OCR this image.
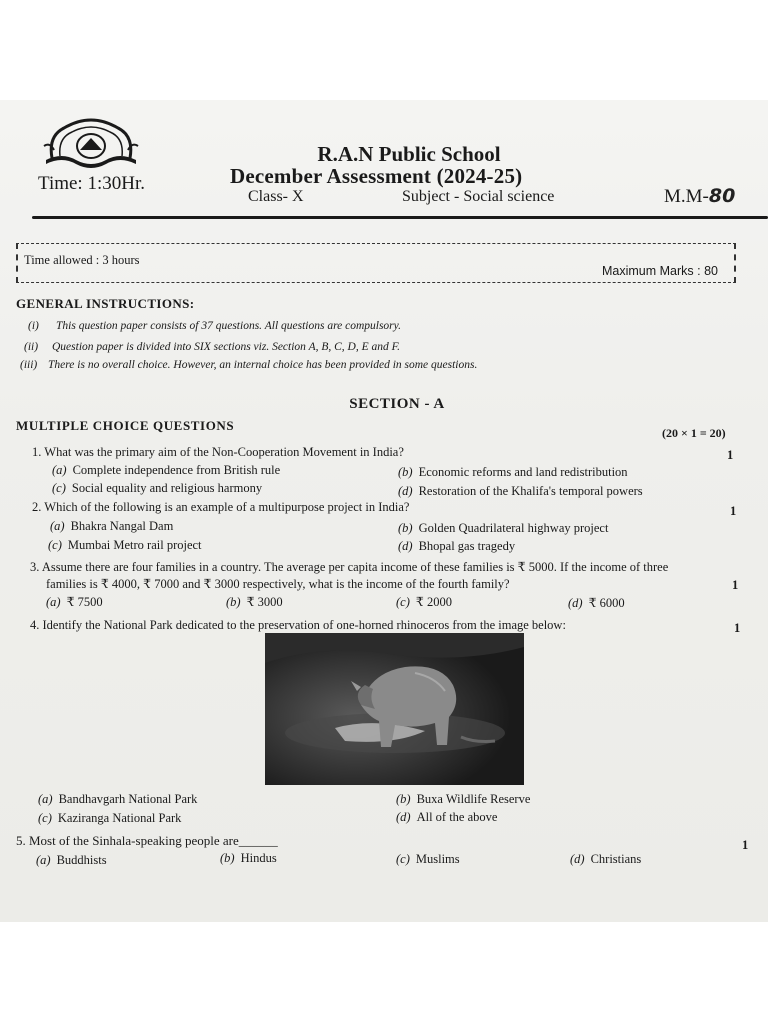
Time: 1:30Hr.
R.A.N Public School
December Assessment (2024-25)
Class- X	Subject - Social science	M.M-80
Time allowed : 3 hours
Maximum Marks : 80
GENERAL INSTRUCTIONS:
(i) This question paper consists of 37 questions. All questions are compulsory.
(ii) Question paper is divided into SIX sections viz. Section A, B, C, D, E and F.
(iii) There is no overall choice. However, an internal choice has been provided in some questions.
SECTION - A
MULTIPLE CHOICE QUESTIONS	(20 × 1 = 20)
1. What was the primary aim of the Non-Cooperation Movement in India?	1
(a) Complete independence from British rule	(b) Economic reforms and land redistribution
(c) Social equality and religious harmony	(d) Restoration of the Khalifa's temporal powers
2. Which of the following is an example of a multipurpose project in India?	1
(a) Bhakra Nangal Dam	(b) Golden Quadrilateral highway project
(c) Mumbai Metro rail project	(d) Bhopal gas tragedy
3. Assume there are four families in a country. The average per capita income of these families is ₹ 5000. If the income of three
families is ₹ 4000, ₹ 7000 and ₹ 3000 respectively, what is the income of the fourth family?	1
(a) ₹ 7500	(b) ₹ 3000	(c) ₹ 2000	(d) ₹ 6000
4. Identify the National Park dedicated to the preservation of one-horned rhinoceros from the image below:	1
(a) Bandhavgarh National Park	(b) Buxa Wildlife Reserve
(c) Kaziranga National Park	(d) All of the above
5. Most of the Sinhala-speaking people are______	1
(a) Buddhists	(b) Hindus	(c) Muslims	(d) Christians
